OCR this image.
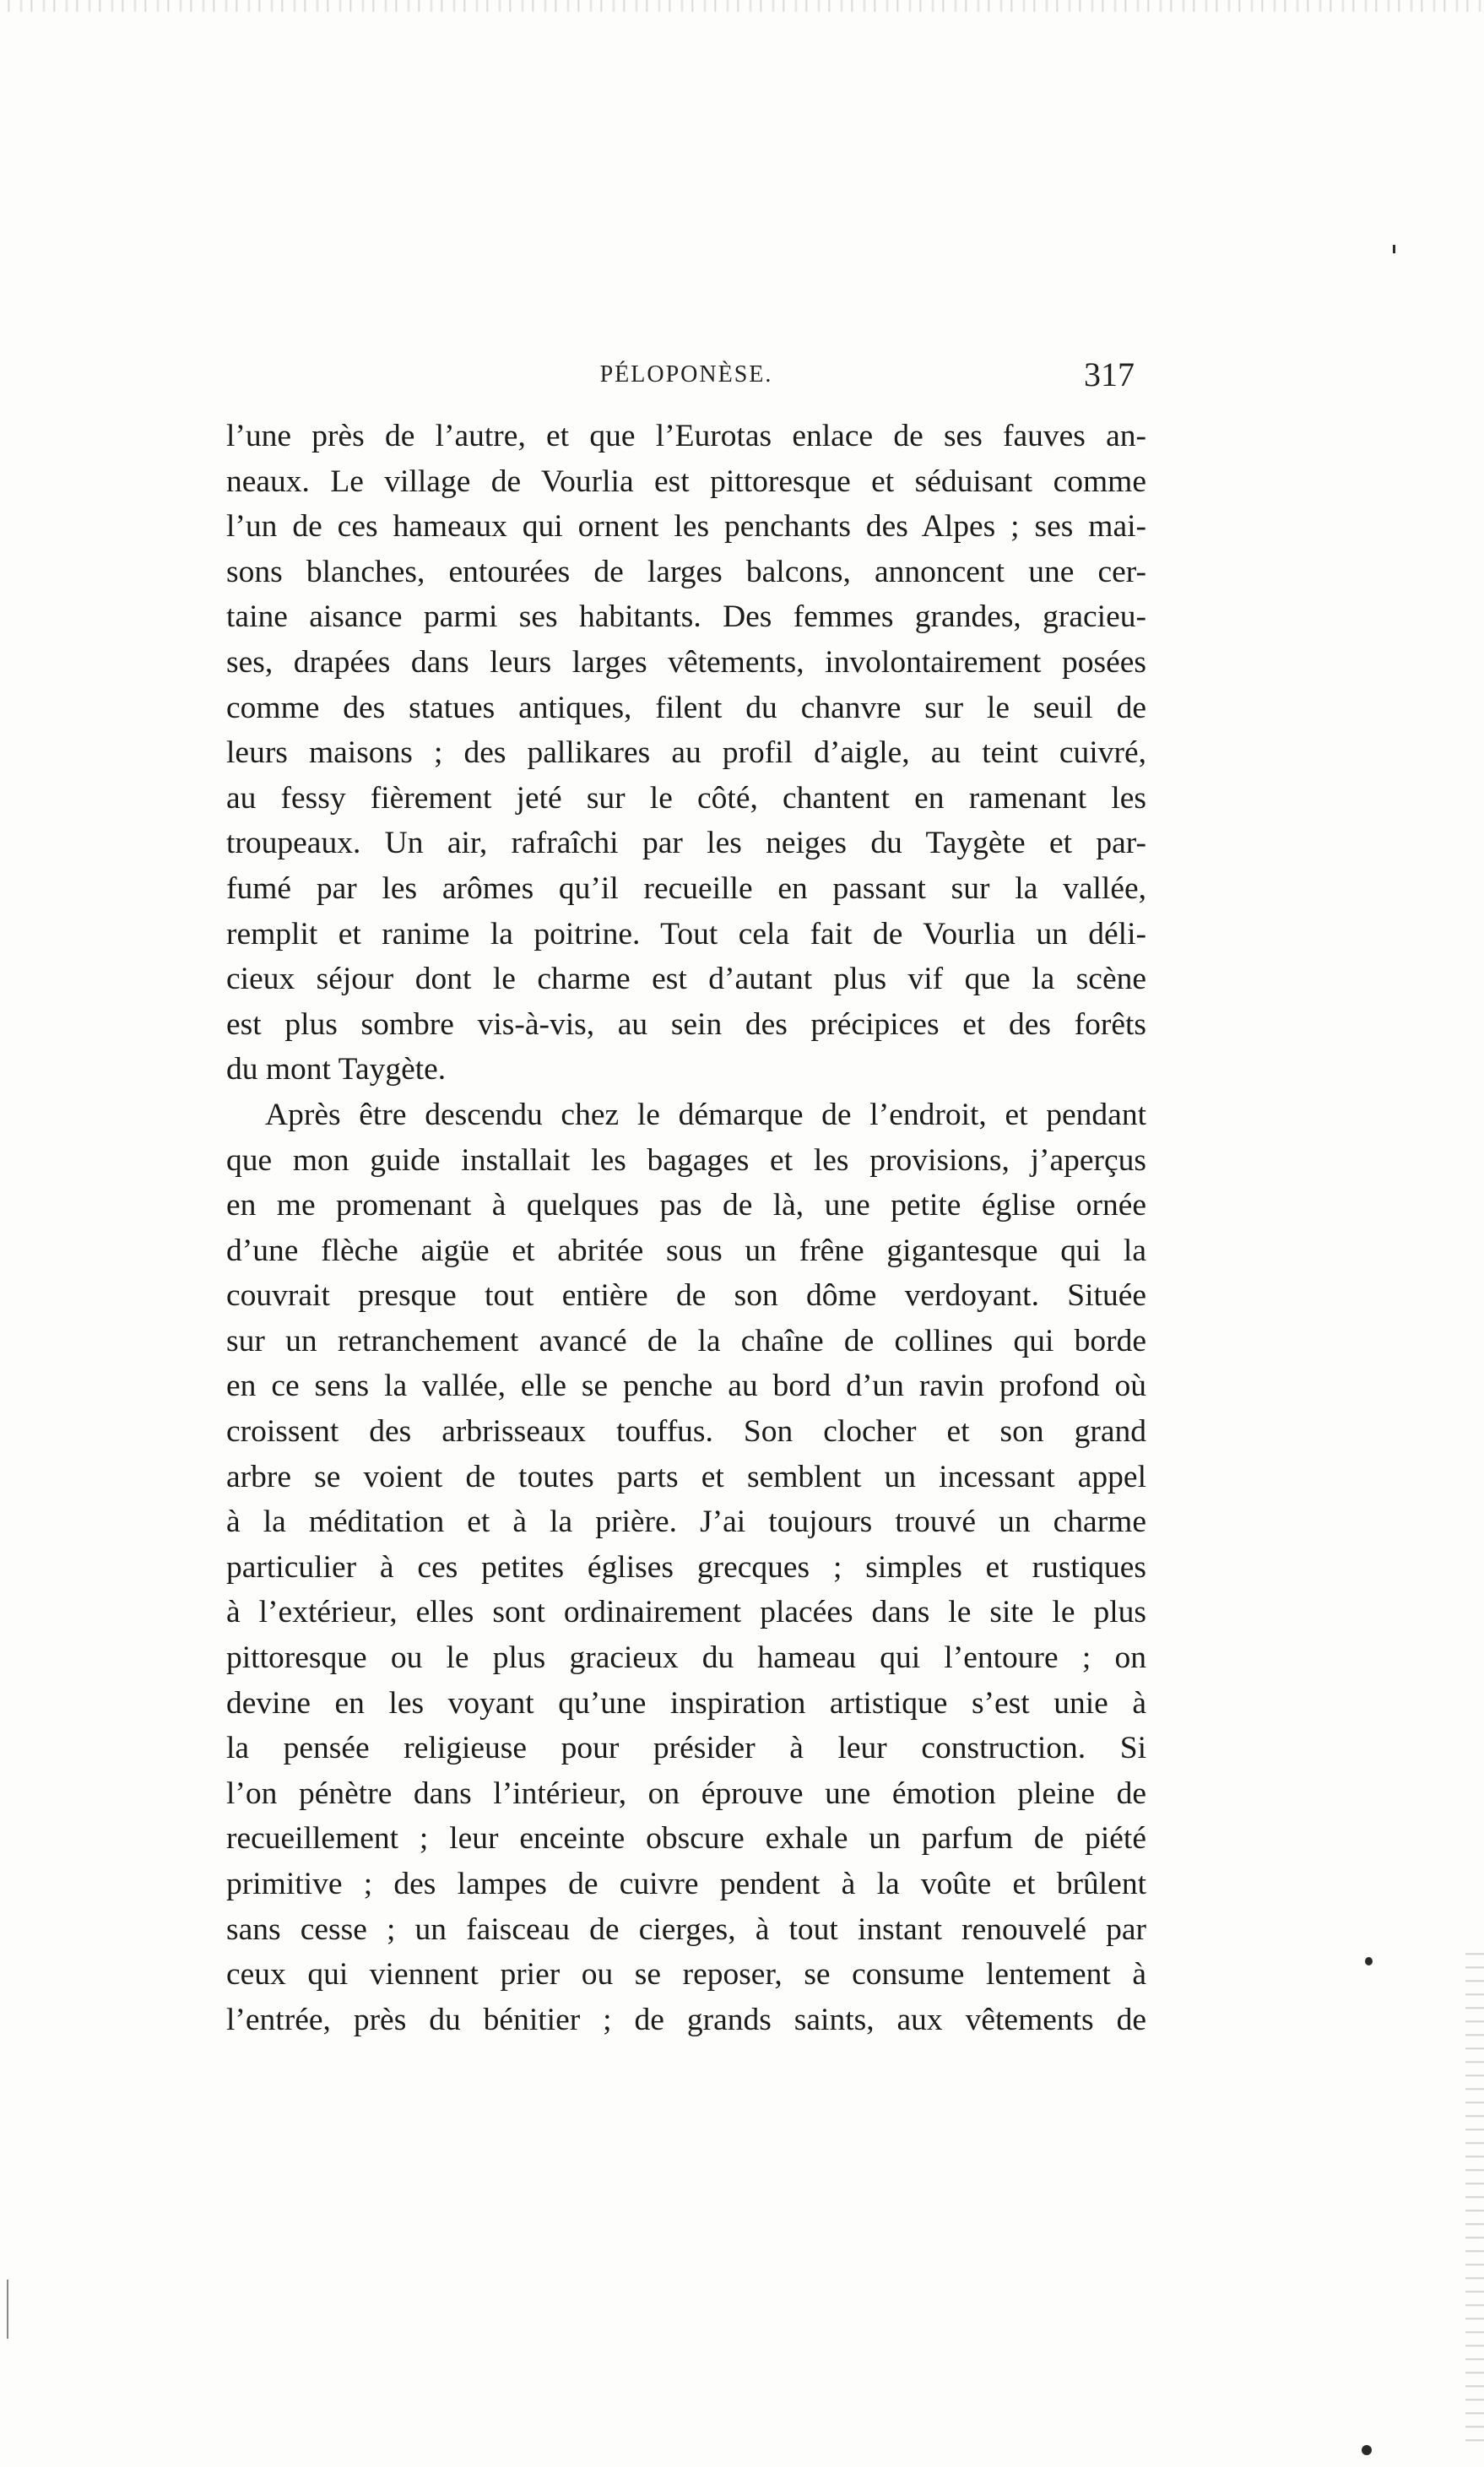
PÉLOPONÈSE.	317

l’une près de l’autre, et que l’Eurotas enlace de ses fauves an-
neaux. Le village de Vourlia est pittoresque et séduisant comme
l’un de ces hameaux qui ornent les penchants des Alpes ; ses mai-
sons blanches, entourées de larges balcons, annoncent une cer-
taine aisance parmi ses habitants. Des femmes grandes, gracieu-
ses, drapées dans leurs larges vêtements, involontairement posées
comme des statues antiques, filent du chanvre sur le seuil de
leurs maisons ; des pallikares au profil d’aigle, au teint cuivré,
au fessy fièrement jeté sur le côté, chantent en ramenant les
troupeaux. Un air, rafraîchi par les neiges du Taygète et par-
fumé par les arômes qu’il recueille en passant sur la vallée,
remplit et ranime la poitrine. Tout cela fait de Vourlia un déli-
cieux séjour dont le charme est d’autant plus vif que la scène
est plus sombre vis-à-vis, au sein des précipices et des forêts
du mont Taygète.

Après être descendu chez le démarque de l’endroit, et pendant
que mon guide installait les bagages et les provisions, j’aperçus
en me promenant à quelques pas de là, une petite église ornée
d’une flèche aigüe et abritée sous un frêne gigantesque qui la
couvrait presque tout entière de son dôme verdoyant. Située
sur un retranchement avancé de la chaîne de collines qui borde
en ce sens la vallée, elle se penche au bord d’un ravin profond où
croissent des arbrisseaux touffus. Son clocher et son grand
arbre se voient de toutes parts et semblent un incessant appel
à la méditation et à la prière. J’ai toujours trouvé un charme
particulier à ces petites églises grecques ; simples et rustiques
à l’extérieur, elles sont ordinairement placées dans le site le plus
pittoresque ou le plus gracieux du hameau qui l’entoure ; on
devine en les voyant qu’une inspiration artistique s’est unie à
la pensée religieuse pour présider à leur construction. Si
l’on pénètre dans l’intérieur, on éprouve une émotion pleine de
recueillement ; leur enceinte obscure exhale un parfum de piété
primitive ; des lampes de cuivre pendent à la voûte et brûlent
sans cesse ; un faisceau de cierges, à tout instant renouvelé par
ceux qui viennent prier ou se reposer, se consume lentement à
l’entrée, près du bénitier ; de grands saints, aux vêtements de
